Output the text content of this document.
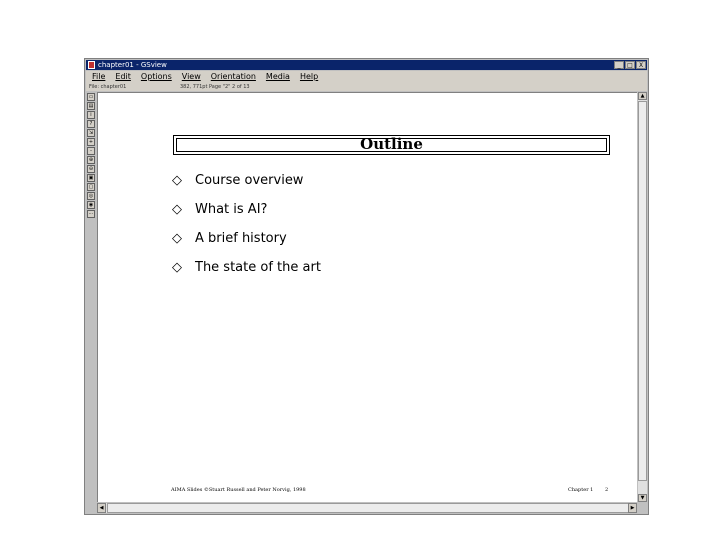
chapter01 - GSview	_	□	X
File Edit Options View Orientation Media Help
File: chapter01	382, 771pt Page "2" 2 of 13
▭
▤
i
?
⇲
+
-
⊕
⊖
▣
▢
◎
◉
⋯
Outline
◇	Course overview
◇	What is AI?
◇	A brief history
◇	The state of the art
AIMA Slides ©Stuart Russell and Peter Norvig, 1998	Chapter 1 2
▲
▼
◀	▶
